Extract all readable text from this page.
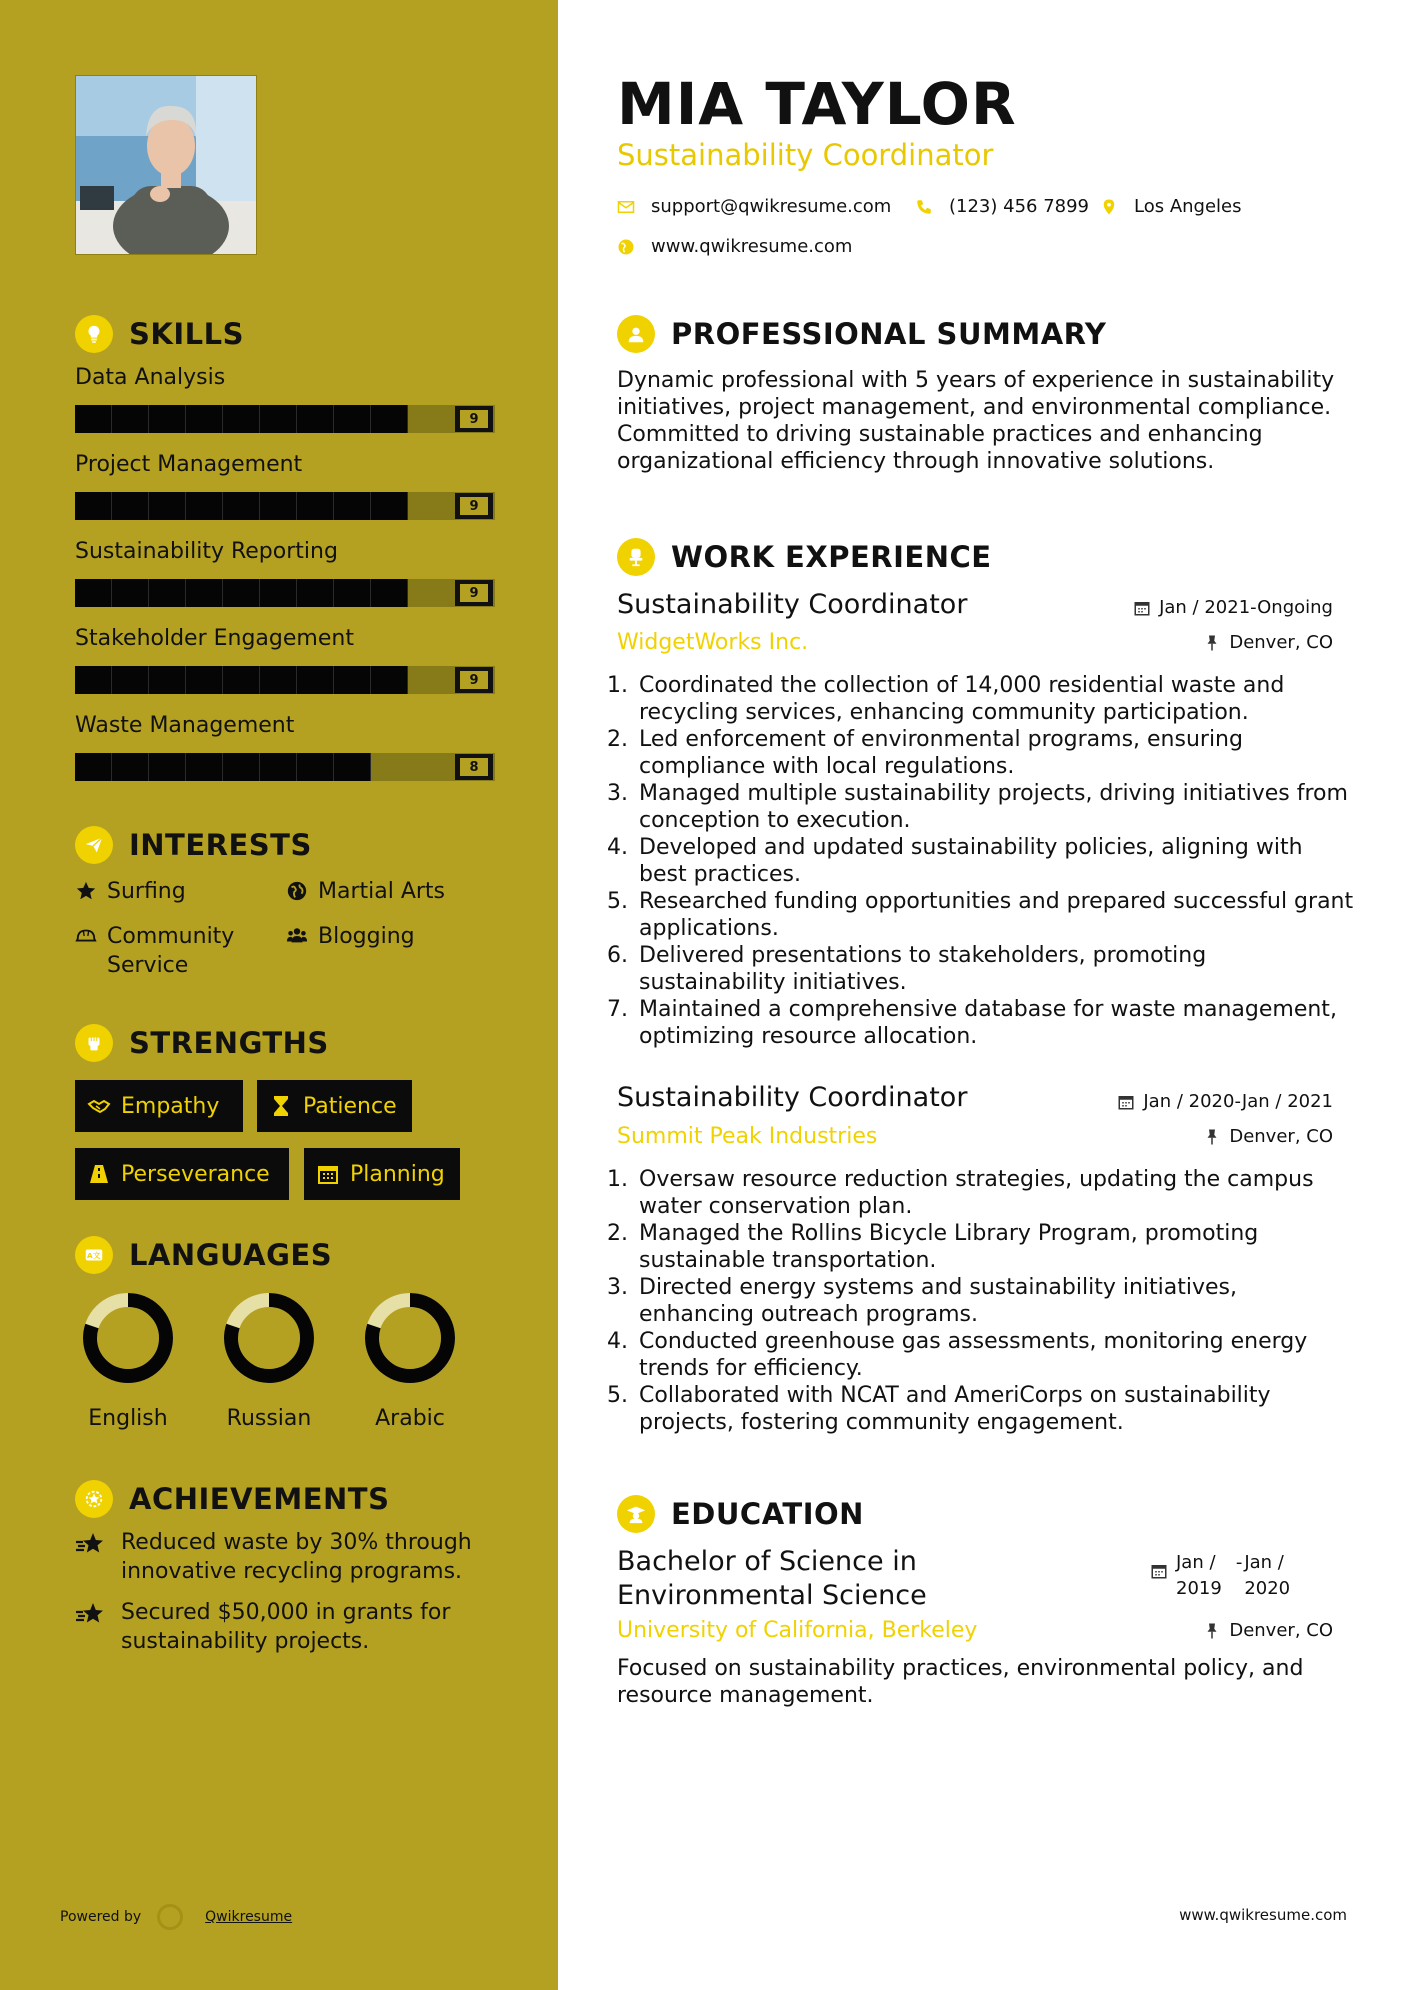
SKILLS
INTERESTS
Surfing	Martial Arts
Community Service
Blogging
STRENGTHS
Empathy	Patience
Perseverance	Planning
A文 LANGUAGES
ACHIEVEMENTS
Reduced waste by 30% through innovative recycling programs.
Secured $50,000 in grants for sustainability projects.
Powered by	Qwikresume
Data Analysis
9
Project Management
9
Sustainability Reporting
9
Stakeholder Engagement
9
Waste Management
8
English	Russian	Arabic
MIA TAYLOR
Sustainability Coordinator
support@qwikresume.com	(123) 456 7899 Los Angeles
www.qwikresume.com
PROFESSIONAL SUMMARY
Dynamic professional with 5 years of experience in sustainability initiatives, project management, and environmental compliance. Committed to driving sustainable practices and enhancing organizational efficiency through innovative solutions.
WORK EXPERIENCE
Sustainability Coordinator	Jan / 2021-Ongoing
WidgetWorks Inc.	Denver, CO
1. Coordinated the collection of 14,000 residential waste and recycling services, enhancing community participation.
2. Led enforcement of environmental programs, ensuring compliance with local regulations.
3. Managed multiple sustainability projects, driving initiatives from conception to execution.
4. Developed and updated sustainability policies, aligning with best practices.
5. Researched funding opportunities and prepared successful grant applications.
6. Delivered presentations to stakeholders, promoting sustainability initiatives.
7. Maintained a comprehensive database for waste management, optimizing resource allocation.
Sustainability Coordinator	Jan / 2020-Jan / 2021
Summit Peak Industries	Denver, CO
1. Oversaw resource reduction strategies, updating the campus water conservation plan.
2. Managed the Rollins Bicycle Library Program, promoting sustainable transportation.
3. Directed energy systems and sustainability initiatives, enhancing outreach programs.
4. Conducted greenhouse gas assessments, monitoring energy trends for efficiency.
5. Collaborated with NCAT and AmeriCorps on sustainability projects, fostering community engagement.
EDUCATION
Bachelor of Science in
Environmental Science
Jan /
2019
- Jan /
2020
University of California, Berkeley	Denver, CO
Focused on sustainability practices, environmental policy, and resource management.
www.qwikresume.com
